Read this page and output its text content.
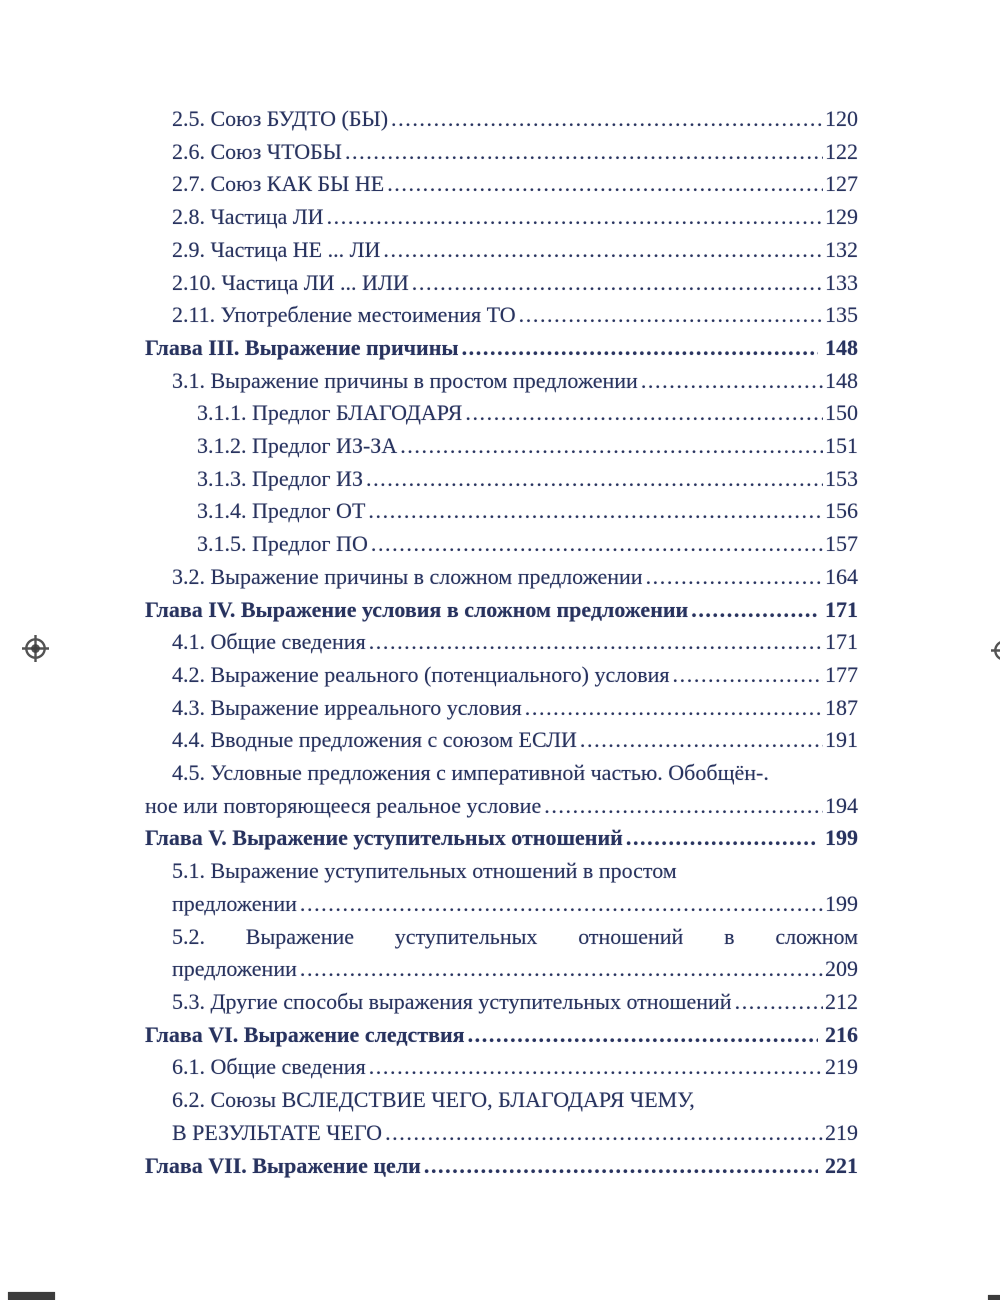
2.5. Союз БУДТО (БЫ) .....	120
2.6. Союз ЧТОБЫ .....	122
2.7. Союз КАК БЫ НЕ .....	127
2.8. Частица ЛИ .....	129
2.9. Частица НЕ ... ЛИ .....	132
2.10. Частица ЛИ ... ИЛИ .....	133
2.11. Употребление местоимения ТО .....	135
Глава III. Выражение причины .....	148
3.1. Выражение причины в простом предложении .....	148
3.1.1. Предлог БЛАГОДАРЯ .....	150
3.1.2. Предлог ИЗ-ЗА .....	151
3.1.3. Предлог ИЗ .....	153
3.1.4. Предлог ОТ .....	156
3.1.5. Предлог ПО .....	157
3.2. Выражение причины в сложном предложении .....	164
Глава IV. Выражение условия в сложном предложении .....	171
4.1. Общие сведения .....	171
4.2. Выражение реального (потенциального) условия .....	177
4.3. Выражение ирреального условия .....	187
4.4. Вводные предложения с союзом ЕСЛИ .....	191
4.5. Условные предложения с императивной частью. Обобщён-.
ное или повторяющееся реальное условие .....	194
Глава V. Выражение уступительных отношений .....	199
5.1. Выражение уступительных отношений в простом
предложении .....	199
5.2. Выражение уступительных отношений в сложном
предложении .....	209
5.3. Другие способы выражения уступительных отношений .....	212
Глава VI. Выражение следствия .....	216
6.1. Общие сведения .....	219
6.2. Союзы ВСЛЕДСТВИЕ ЧЕГО, БЛАГОДАРЯ ЧЕМУ,
В РЕЗУЛЬТАТЕ ЧЕГО .....	219
Глава VII. Выражение цели .....	221
